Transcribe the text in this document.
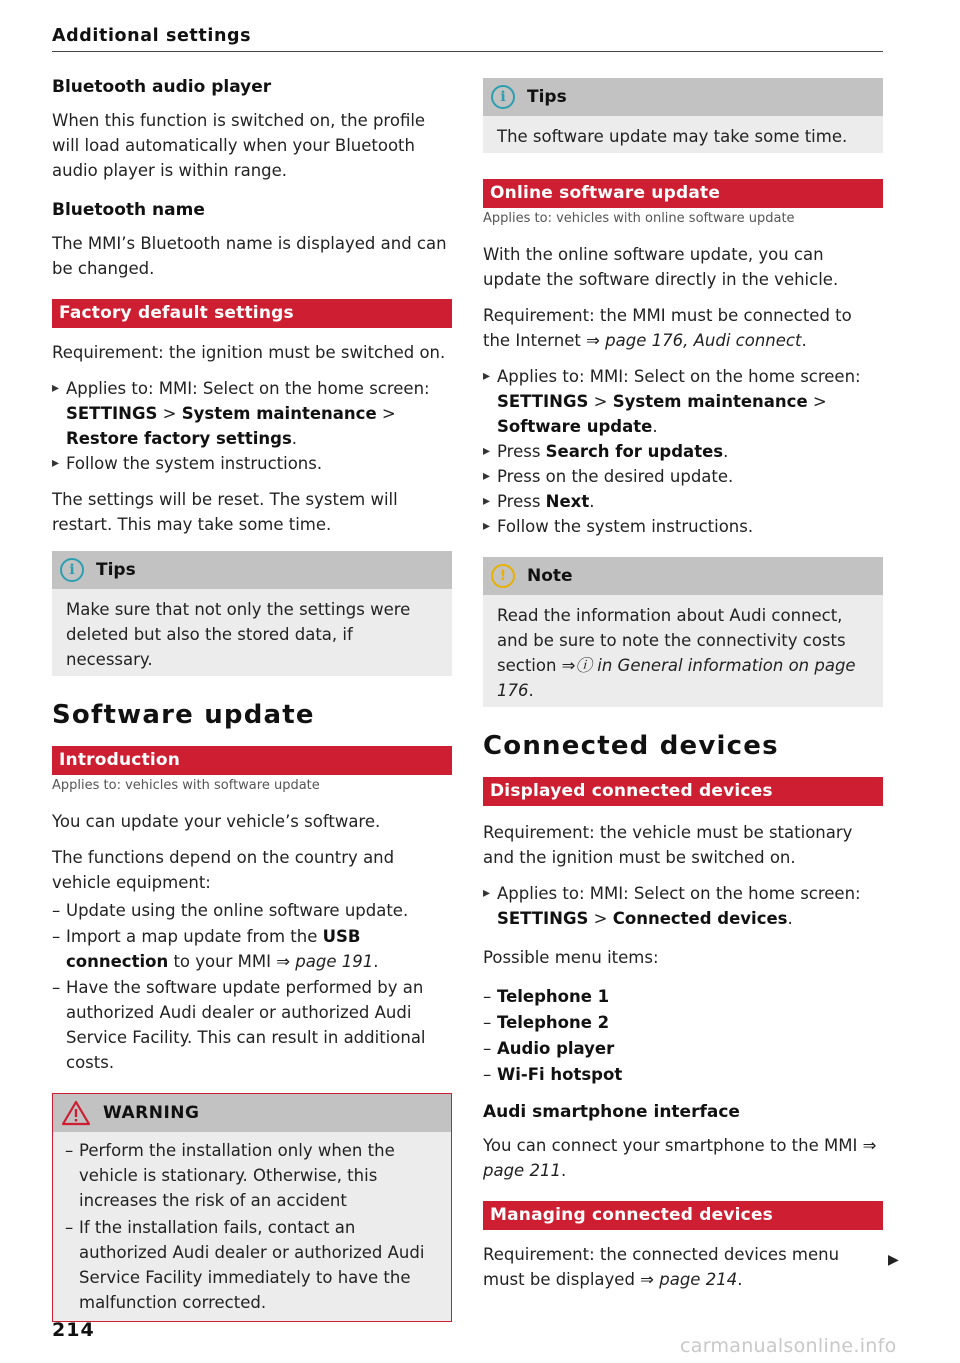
Additional settings
Bluetooth audio player

When this function is switched on, the profile will load automatically when your Bluetooth audio player is within range.

Bluetooth name

The MMI’s Bluetooth name is displayed and can be changed.

Factory default settings

Requirement: the ignition must be switched on.

▸ Applies to: MMI: Select on the home screen: SETTINGS > System maintenance > Restore factory settings.
▸ Follow the system instructions.

The settings will be reset. The system will restart. This may take some time.

i	Tips
Make sure that not only the settings were deleted but also the stored data, if necessary.
Software update
Introduction
Applies to: vehicles with software update

You can update your vehicle’s software.

The functions depend on the country and vehicle equipment:

– Update using the online software update.
– Import a map update from the USB connection to your MMI ⇒ page 191.
– Have the software update performed by an authorized Audi dealer or authorized Audi Service Facility. This can result in additional costs.
WARNING
– Perform the installation only when the vehicle is stationary. Otherwise, this increases the risk of an accident
– If the installation fails, contact an authorized Audi dealer or authorized Audi Service Facility immediately to have the malfunction corrected.
i	Tips
The software update may take some time.
Online software update
Applies to: vehicles with online software update

With the online software update, you can update the software directly in the vehicle.

Requirement: the MMI must be connected to the Internet ⇒ page 176, Audi connect.

▸ Applies to: MMI: Select on the home screen: SETTINGS > System maintenance > Software update.
▸ Press Search for updates.
▸ Press on the desired update.
▸ Press Next.
▸ Follow the system instructions.
!	Note
Read the information about Audi connect, and be sure to note the connectivity costs section ⇒ⓘ in General information on page 176.
Connected devices
Displayed connected devices

Requirement: the vehicle must be stationary and the ignition must be switched on.

▸ Applies to: MMI: Select on the home screen: SETTINGS > Connected devices.

Possible menu items:

– Telephone 1
– Telephone 2
– Audio player
– Wi-Fi hotspot
Audi smartphone interface

You can connect your smartphone to the MMI ⇒ page 211.

Managing connected devices

Requirement: the connected devices menu must be displayed ⇒ page 214.

▶
214
carmanualsonline.info
